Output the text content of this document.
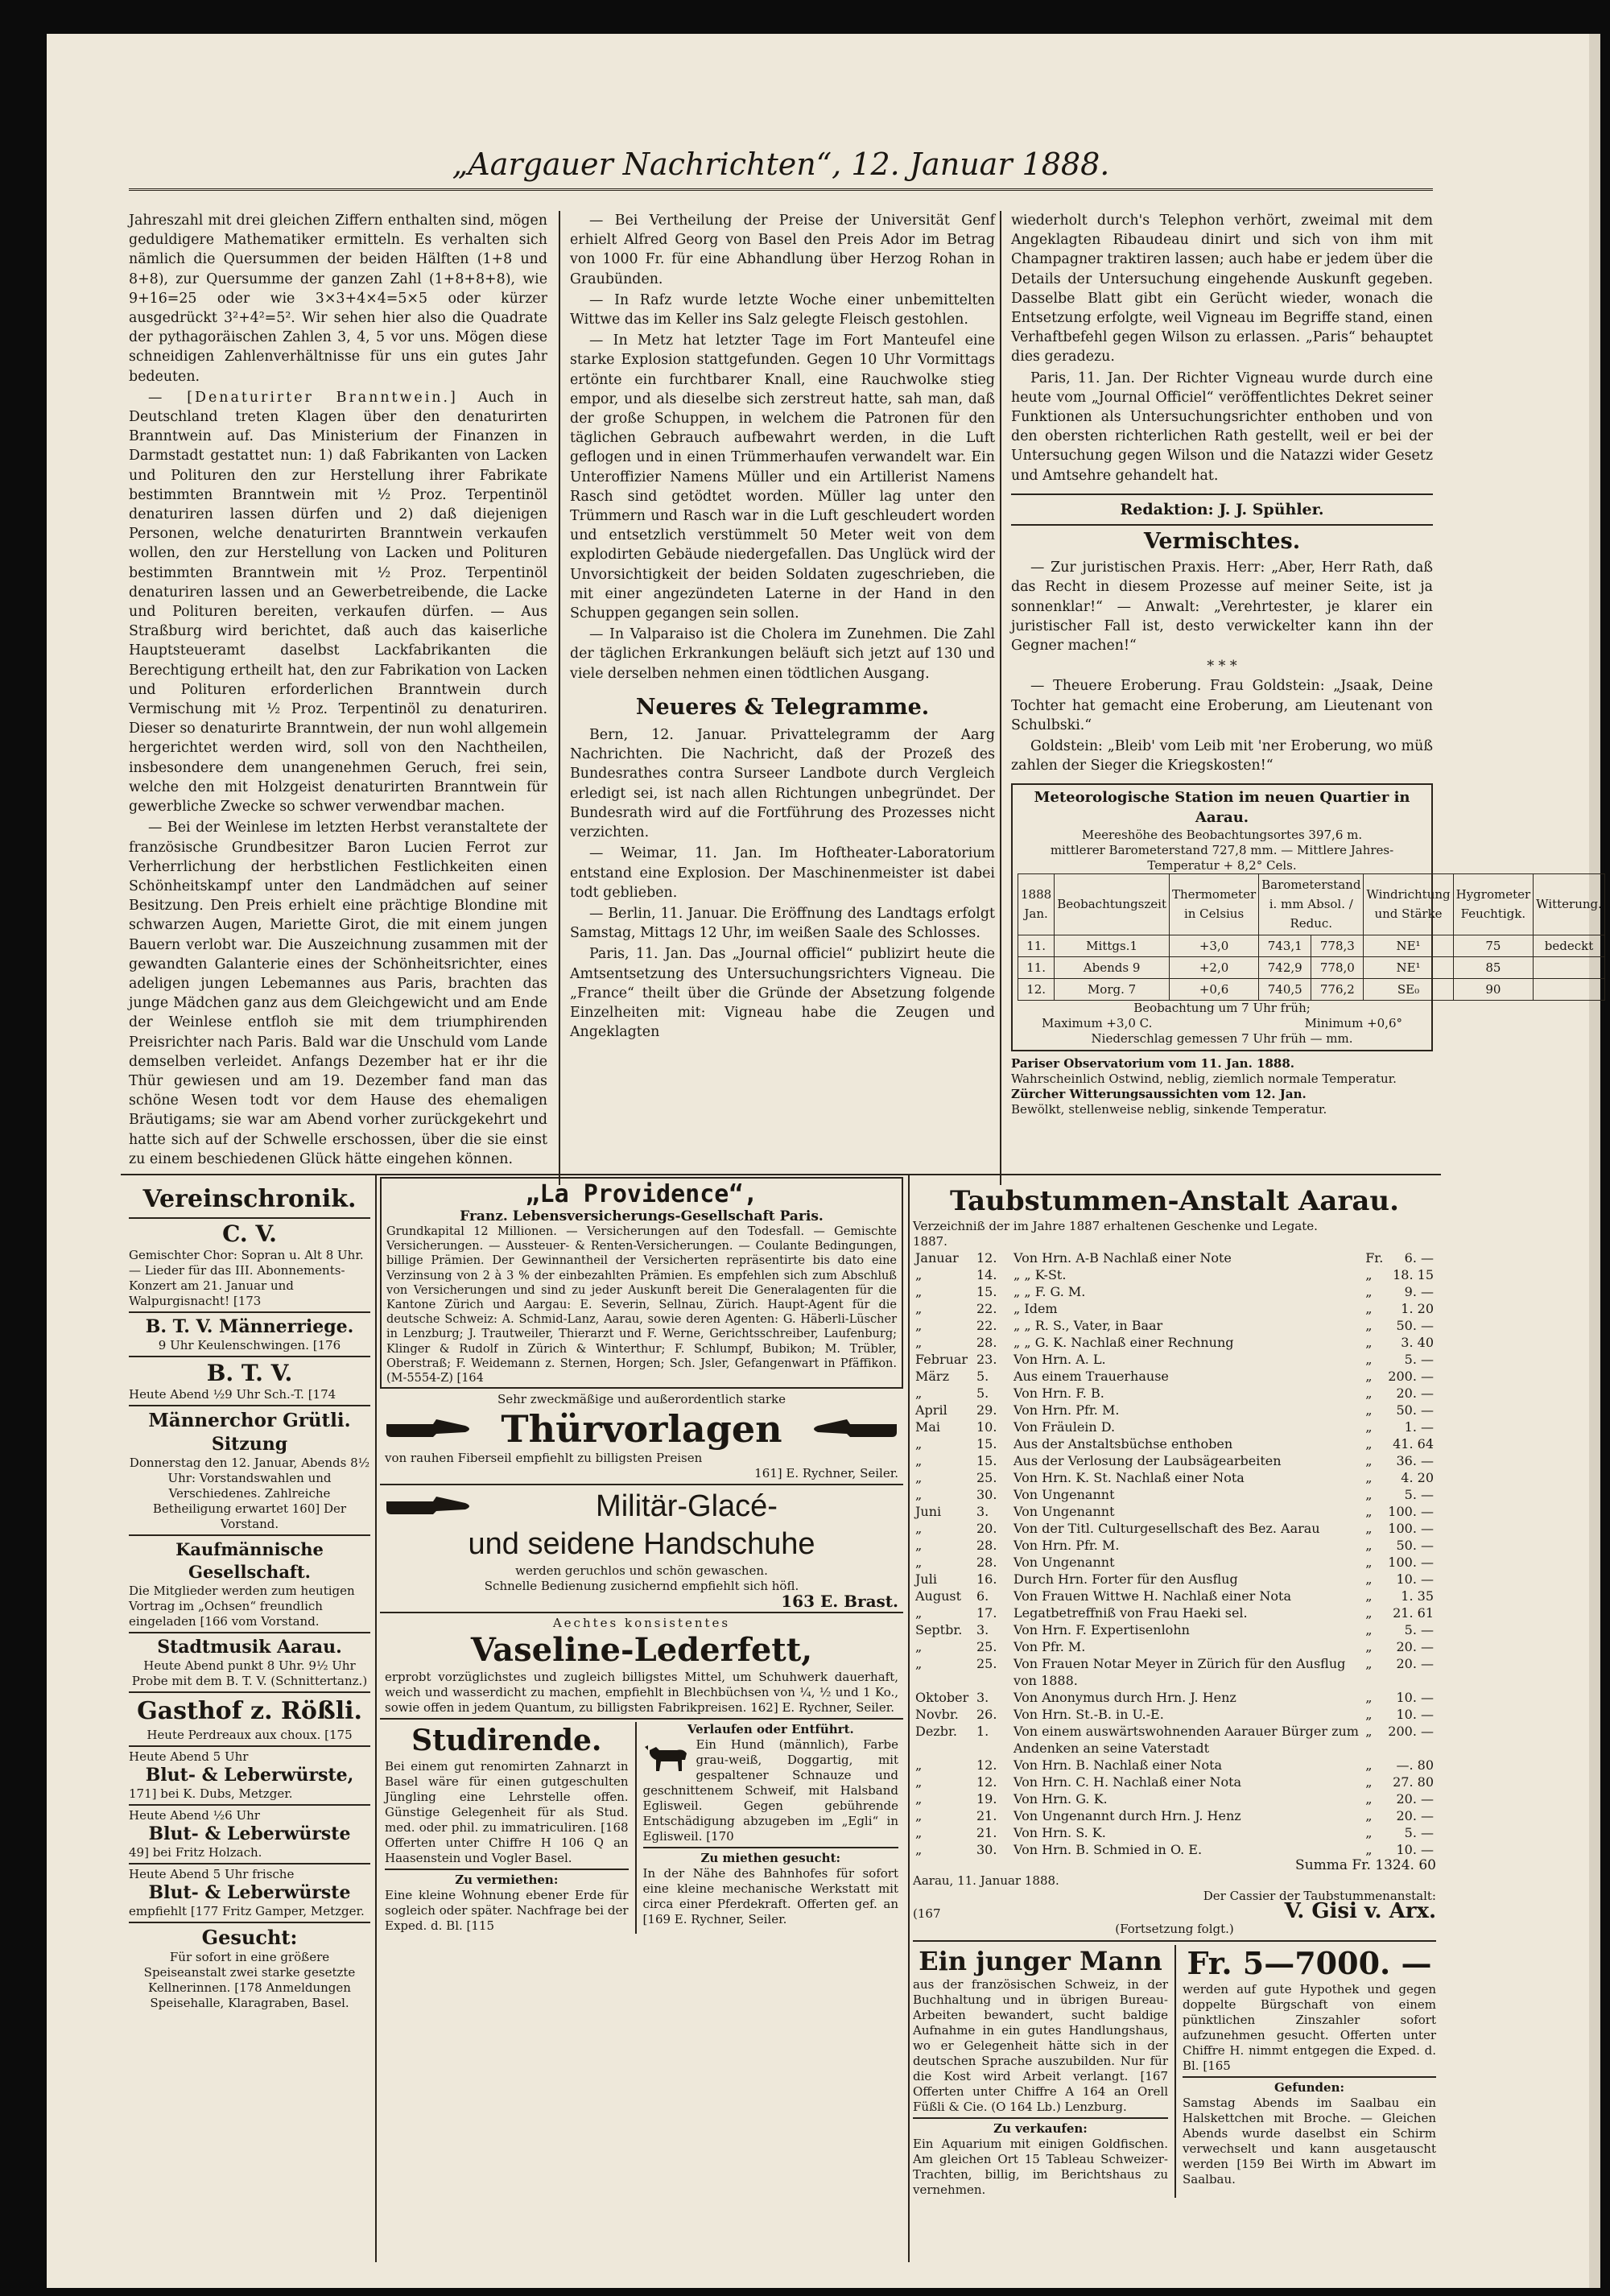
„Aargauer Nachrichten“, 12. Januar 1888.

Jahreszahl mit drei gleichen Ziffern enthalten sind, mögen geduldigere Mathematiker ermitteln. Es verhalten sich nämlich die Quersummen der beiden Hälften (1+8 und 8+8), zur Quersumme der ganzen Zahl (1+8+8+8), wie 9+16=25 oder wie 3×3+4×4=5×5 oder kürzer ausgedrückt 3²+4²=5². Wir sehen hier also die Quadrate der pythagoräischen Zahlen 3, 4, 5 vor uns. Mögen diese schneidigen Zahlenverhältnisse für uns ein gutes Jahr bedeuten.

— [Denaturirter Branntwein.] Auch in Deutschland treten Klagen über den denaturirten Branntwein auf. Das Ministerium der Finanzen in Darmstadt gestattet nun: 1) daß Fabrikanten von Lacken und Polituren den zur Herstellung ihrer Fabrikate bestimmten Branntwein mit ½ Proz. Terpentinöl denaturiren lassen dürfen und 2) daß diejenigen Personen, welche denaturirten Branntwein verkaufen wollen, den zur Herstellung von Lacken und Polituren bestimmten Branntwein mit ½ Proz. Terpentinöl denaturiren lassen und an Gewerbetreibende, die Lacke und Polituren bereiten, verkaufen dürfen. — Aus Straßburg wird berichtet, daß auch das kaiserliche Hauptsteueramt daselbst Lackfabrikanten die Berechtigung ertheilt hat, den zur Fabrikation von Lacken und Polituren erforderlichen Branntwein durch Vermischung mit ½ Proz. Terpentinöl zu denaturiren. Dieser so denaturirte Branntwein, der nun wohl allgemein hergerichtet werden wird, soll von den Nachtheilen, insbesondere dem unangenehmen Geruch, frei sein, welche den mit Holzgeist denaturirten Branntwein für gewerbliche Zwecke so schwer verwendbar machen.

— Bei der Weinlese im letzten Herbst veranstaltete der französische Grundbesitzer Baron Lucien Ferrot zur Verherrlichung der herbstlichen Festlichkeiten einen Schönheitskampf unter den Landmädchen auf seiner Besitzung. Den Preis erhielt eine prächtige Blondine mit schwarzen Augen, Mariette Girot, die mit einem jungen Bauern verlobt war. Die Auszeichnung zusammen mit der gewandten Galanterie eines der Schönheitsrichter, eines adeligen jungen Lebemannes aus Paris, brachten das junge Mädchen ganz aus dem Gleichgewicht und am Ende der Weinlese entfloh sie mit dem triumphirenden Preisrichter nach Paris. Bald war die Unschuld vom Lande demselben verleidet. Anfangs Dezember hat er ihr die Thür gewiesen und am 19. Dezember fand man das schöne Wesen todt vor dem Hause des ehemaligen Bräutigams; sie war am Abend vorher zurückgekehrt und hatte sich auf der Schwelle erschossen, über die sie einst zu einem beschiedenen Glück hätte eingehen können.

— Bei Vertheilung der Preise der Universität Genf erhielt Alfred Georg von Basel den Preis Ador im Betrag von 1000 Fr. für eine Abhandlung über Herzog Rohan in Graubünden.

— In Rafz wurde letzte Woche einer unbemittelten Wittwe das im Keller ins Salz gelegte Fleisch gestohlen.

— In Metz hat letzter Tage im Fort Manteufel eine starke Explosion stattgefunden. Gegen 10 Uhr Vormittags ertönte ein furchtbarer Knall, eine Rauchwolke stieg empor, und als dieselbe sich zerstreut hatte, sah man, daß der große Schuppen, in welchem die Patronen für den täglichen Gebrauch aufbewahrt werden, in die Luft geflogen und in einen Trümmerhaufen verwandelt war. Ein Unteroffizier Namens Müller und ein Artillerist Namens Rasch sind getödtet worden. Müller lag unter den Trümmern und Rasch war in die Luft geschleudert worden und entsetzlich verstümmelt 50 Meter weit von dem explodirten Gebäude niedergefallen. Das Unglück wird der Unvorsichtigkeit der beiden Soldaten zugeschrieben, die mit einer angezündeten Laterne in der Hand in den Schuppen gegangen sein sollen.

— In Valparaiso ist die Cholera im Zunehmen. Die Zahl der täglichen Erkrankungen beläuft sich jetzt auf 130 und viele derselben nehmen einen tödtlichen Ausgang.

Neueres & Telegramme.

Bern, 12. Januar. Privattelegramm der Aarg Nachrichten. Die Nachricht, daß der Prozeß des Bundesrathes contra Surseer Landbote durch Vergleich erledigt sei, ist nach allen Richtungen unbegründet. Der Bundesrath wird auf die Fortführung des Prozesses nicht verzichten.

— Weimar, 11. Jan. Im Hoftheater-Laboratorium entstand eine Explosion. Der Maschinenmeister ist dabei todt geblieben.

— Berlin, 11. Januar. Die Eröffnung des Landtags erfolgt Samstag, Mittags 12 Uhr, im weißen Saale des Schlosses.

Paris, 11. Jan. Das „Journal officiel“ publizirt heute die Amtsentsetzung des Untersuchungsrichters Vigneau. Die „France“ theilt über die Gründe der Absetzung folgende Einzelheiten mit: Vigneau habe die Zeugen und Angeklagten

wiederholt durch's Telephon verhört, zweimal mit dem Angeklagten Ribaudeau dinirt und sich von ihm mit Champagner traktiren lassen; auch habe er jedem über die Details der Untersuchung eingehende Auskunft gegeben. Dasselbe Blatt gibt ein Gerücht wieder, wonach die Entsetzung erfolgte, weil Vigneau im Begriffe stand, einen Verhaftbefehl gegen Wilson zu erlassen. „Paris“ behauptet dies geradezu.

Paris, 11. Jan. Der Richter Vigneau wurde durch eine heute vom „Journal Officiel“ veröffentlichtes Dekret seiner Funktionen als Untersuchungsrichter enthoben und von den obersten richterlichen Rath gestellt, weil er bei der Untersuchung gegen Wilson und die Natazzi wider Gesetz und Amtsehre gehandelt hat.

Redaktion: J. J. Spühler.
Vermischtes.

— Zur juristischen Praxis. Herr: „Aber, Herr Rath, daß das Recht in diesem Prozesse auf meiner Seite, ist ja sonnenklar!“ — Anwalt: „Verehrtester, je klarer ein juristischer Fall ist, desto verwickelter kann ihn der Gegner machen!“

* * *

— Theuere Eroberung. Frau Goldstein: „Jsaak, Deine Tochter hat gemacht eine Eroberung, am Lieutenant von Schulbski.“

Goldstein: „Bleib' vom Leib mit 'ner Eroberung, wo müß zahlen der Sieger die Kriegskosten!“

Meteorologische Station im neuen Quartier in Aarau.
Meereshöhe des Beobachtungsortes 397,6 m.
mittlerer Barometerstand 727,8 mm. — Mittlere Jahres-Temperatur + 8,2° Cels.
1888 Jan.	Beobachtungszeit	Thermometer in Celsius	Barometerstand i. mm Absol. / Reduc.		Windrichtung und Stärke	Hygrometer Feuchtigk.	Witterung.
11.	Mittgs.1	+3,0	743,1	778,3	NE¹	75	bedeckt
11.	Abends 9	+2,0	742,9	778,0	NE¹	85	
12.	Morg. 7	+0,6	740,5	776,2	SE₀	90	
Beobachtung um 7 Uhr früh;
Maximum +3,0 C.	Minimum +0,6°
Niederschlag gemessen 7 Uhr früh — mm.
Pariser Observatorium vom 11. Jan. 1888.
Wahrscheinlich Ostwind, neblig, ziemlich normale Temperatur.
Zürcher Witterungsaussichten vom 12. Jan.
Bewölkt, stellenweise neblig, sinkende Temperatur.
Vereinschronik.
C. V.
Gemischter Chor: Sopran u. Alt 8 Uhr. — Lieder für das III. Abonnements-Konzert am 21. Januar und Walpurgisnacht! [173
B. T. V. Männerriege.
9 Uhr Keulenschwingen. [176
B. T. V.
Heute Abend ½9 Uhr Sch.-T. [174
Männerchor Grütli.
Sitzung
Donnerstag den 12. Januar, Abends 8½ Uhr: Vorstandswahlen und Verschiedenes. Zahlreiche Betheiligung erwartet 160] Der Vorstand.
Kaufmännische Gesellschaft.
Die Mitglieder werden zum heutigen Vortrag im „Ochsen“ freundlich eingeladen [166 vom Vorstand.
Stadtmusik Aarau.
Heute Abend punkt 8 Uhr. 9½ Uhr Probe mit dem B. T. V. (Schnittertanz.)
Gasthof z. Rößli.
Heute Perdreaux aux choux. [175
Heute Abend 5 Uhr
Blut- & Leberwürste,
171] bei K. Dubs, Metzger.
Heute Abend ½6 Uhr
Blut- & Leberwürste
49] bei Fritz Holzach.
Heute Abend 5 Uhr frische
Blut- & Leberwürste
empfiehlt [177 Fritz Gamper, Metzger.
Gesucht:
Für sofort in eine größere Speiseanstalt zwei starke gesetzte Kellnerinnen. [178 Anmeldungen Speisehalle, Klaragraben, Basel.
„La Providence“,
Franz. Lebensversicherungs-Gesellschaft Paris.
Grundkapital 12 Millionen. — Versicherungen auf den Todesfall. — Gemischte Versicherungen. — Aussteuer- & Renten-Versicherungen. — Coulante Bedingungen, billige Prämien. Der Gewinnantheil der Versicherten repräsentirte bis dato eine Verzinsung von 2 à 3 % der einbezahlten Prämien. Es empfehlen sich zum Abschluß von Versicherungen und sind zu jeder Auskunft bereit Die Generalagenten für die Kantone Zürich und Aargau: E. Severin, Sellnau, Zürich. Haupt-Agent für die deutsche Schweiz: A. Schmid-Lanz, Aarau, sowie deren Agenten: G. Häberli-Lüscher in Lenzburg; J. Trautweiler, Thierarzt und F. Werne, Gerichtsschreiber, Laufenburg; Klinger & Rudolf in Zürich & Winterthur; F. Schlumpf, Bubikon; M. Trübler, Oberstraß; F. Weidemann z. Sternen, Horgen; Sch. Jsler, Gefangenwart in Pfäffikon. (M-5554-Z) [164
Sehr zweckmäßige und außerordentlich starke
Thürvorlagen
von rauhen Fiberseil empfiehlt zu billigsten Preisen
161] E. Rychner, Seiler.
Militär-Glacé-
und seidene Handschuhe
werden geruchlos und schön gewaschen.
Schnelle Bedienung zusichernd empfiehlt sich höfl.
163 E. Brast.
Aechtes konsistentes
Vaseline-Lederfett,
erprobt vorzüglichstes und zugleich billigstes Mittel, um Schuhwerk dauerhaft, weich und wasserdicht zu machen, empfiehlt in Blechbüchsen von ¼, ½ und 1 Ko., sowie offen in jedem Quantum, zu billigsten Fabrikpreisen. 162] E. Rychner, Seiler.
Studirende.
Bei einem gut renomirten Zahnarzt in Basel wäre für einen gutgeschulten Jüngling eine Lehrstelle offen. Günstige Gelegenheit für als Stud. med. oder phil. zu immatriculiren. [168 Offerten unter Chiffre H 106 Q an Haasenstein und Vogler Basel.
Zu vermiethen:
Eine kleine Wohnung ebener Erde für sogleich oder später. Nachfrage bei der Exped. d. Bl. [115
Verlaufen oder Entführt.
Ein Hund (männlich), Farbe grau-weiß, Doggartig, mit gespaltener Schnauze und geschnittenem Schweif, mit Halsband Eglisweil. Gegen gebührende Entschädigung abzugeben im „Egli“ in Eglisweil. [170
Zu miethen gesucht:
In der Nähe des Bahnhofes für sofort eine kleine mechanische Werkstatt mit circa einer Pferdekraft. Offerten gef. an [169 E. Rychner, Seiler.
Taubstummen-Anstalt Aarau.
Verzeichniß der im Jahre 1887 erhaltenen Geschenke und Legate.
1887.
Januar	12.	Von Hrn. A-B Nachlaß einer Note	Fr.	6. —
„	14.	„ „ K-St.	„	18. 15
„	15.	„ „ F. G. M.	„	9. —
„	22.	„ Idem	„	1. 20
„	22.	„ „ R. S., Vater, in Baar	„	50. —
„	28.	„ „ G. K. Nachlaß einer Rechnung	„	3. 40
Februar	23.	Von Hrn. A. L.	„	5. —
März	5.	Aus einem Trauerhause	„	200. —
„	5.	Von Hrn. F. B.	„	20. —
April	29.	Von Hrn. Pfr. M.	„	50. —
Mai	10.	Von Fräulein D.	„	1. —
„	15.	Aus der Anstaltsbüchse enthoben	„	41. 64
„	15.	Aus der Verlosung der Laubsägearbeiten	„	36. —
„	25.	Von Hrn. K. St. Nachlaß einer Nota	„	4. 20
„	30.	Von Ungenannt	„	5. —
Juni	3.	Von Ungenannt	„	100. —
„	20.	Von der Titl. Culturgesellschaft des Bez. Aarau	„	100. —
„	28.	Von Hrn. Pfr. M.	„	50. —
„	28.	Von Ungenannt	„	100. —
Juli	16.	Durch Hrn. Forter für den Ausflug	„	10. —
August	6.	Von Frauen Wittwe H. Nachlaß einer Nota	„	1. 35
„	17.	Legatbetreffniß von Frau Haeki sel.	„	21. 61
Septbr.	3.	Von Hrn. F. Expertisenlohn	„	5. —
„	25.	Von Pfr. M.	„	20. —
„	25.	Von Frauen Notar Meyer in Zürich für den Ausflug von 1888.	„	20. —
Oktober	3.	Von Anonymus durch Hrn. J. Henz	„	10. —
Novbr.	26.	Von Hrn. St.-B. in U.-E.	„	10. —
Dezbr.	1.	Von einem auswärtswohnenden Aarauer Bürger zum Andenken an seine Vaterstadt	„	200. —
„	12.	Von Hrn. B. Nachlaß einer Nota	„	—. 80
„	12.	Von Hrn. C. H. Nachlaß einer Nota	„	27. 80
„	19.	Von Hrn. G. K.	„	20. —
„	21.	Von Ungenannt durch Hrn. J. Henz	„	20. —
„	21.	Von Hrn. S. K.	„	5. —
„	30.	Von Hrn. B. Schmied in O. E.	„	10. —
Summa Fr. 1324. 60
Aarau, 11. Januar 1888.
Der Cassier der Taubstummenanstalt:
(167	V. Gisi v. Arx.
(Fortsetzung folgt.)
Ein junger Mann
aus der französischen Schweiz, in der Buchhaltung und in übrigen Bureau-Arbeiten bewandert, sucht baldige Aufnahme in ein gutes Handlungshaus, wo er Gelegenheit hätte sich in der deutschen Sprache auszubilden. Nur für die Kost wird Arbeit verlangt. [167 Offerten unter Chiffre A 164 an Orell Füßli & Cie. (O 164 Lb.) Lenzburg.
Zu verkaufen:
Ein Aquarium mit einigen Goldfischen. Am gleichen Ort 15 Tableau Schweizer-Trachten, billig, im Berichtshaus zu vernehmen.
Fr. 5—7000. —
werden auf gute Hypothek und gegen doppelte Bürgschaft von einem pünktlichen Zinszahler sofort aufzunehmen gesucht. Offerten unter Chiffre H. nimmt entgegen die Exped. d. Bl. [165
Gefunden:
Samstag Abends im Saalbau ein Halskettchen mit Broche. — Gleichen Abends wurde daselbst ein Schirm verwechselt und kann ausgetauscht werden [159 Bei Wirth im Abwart im Saalbau.
